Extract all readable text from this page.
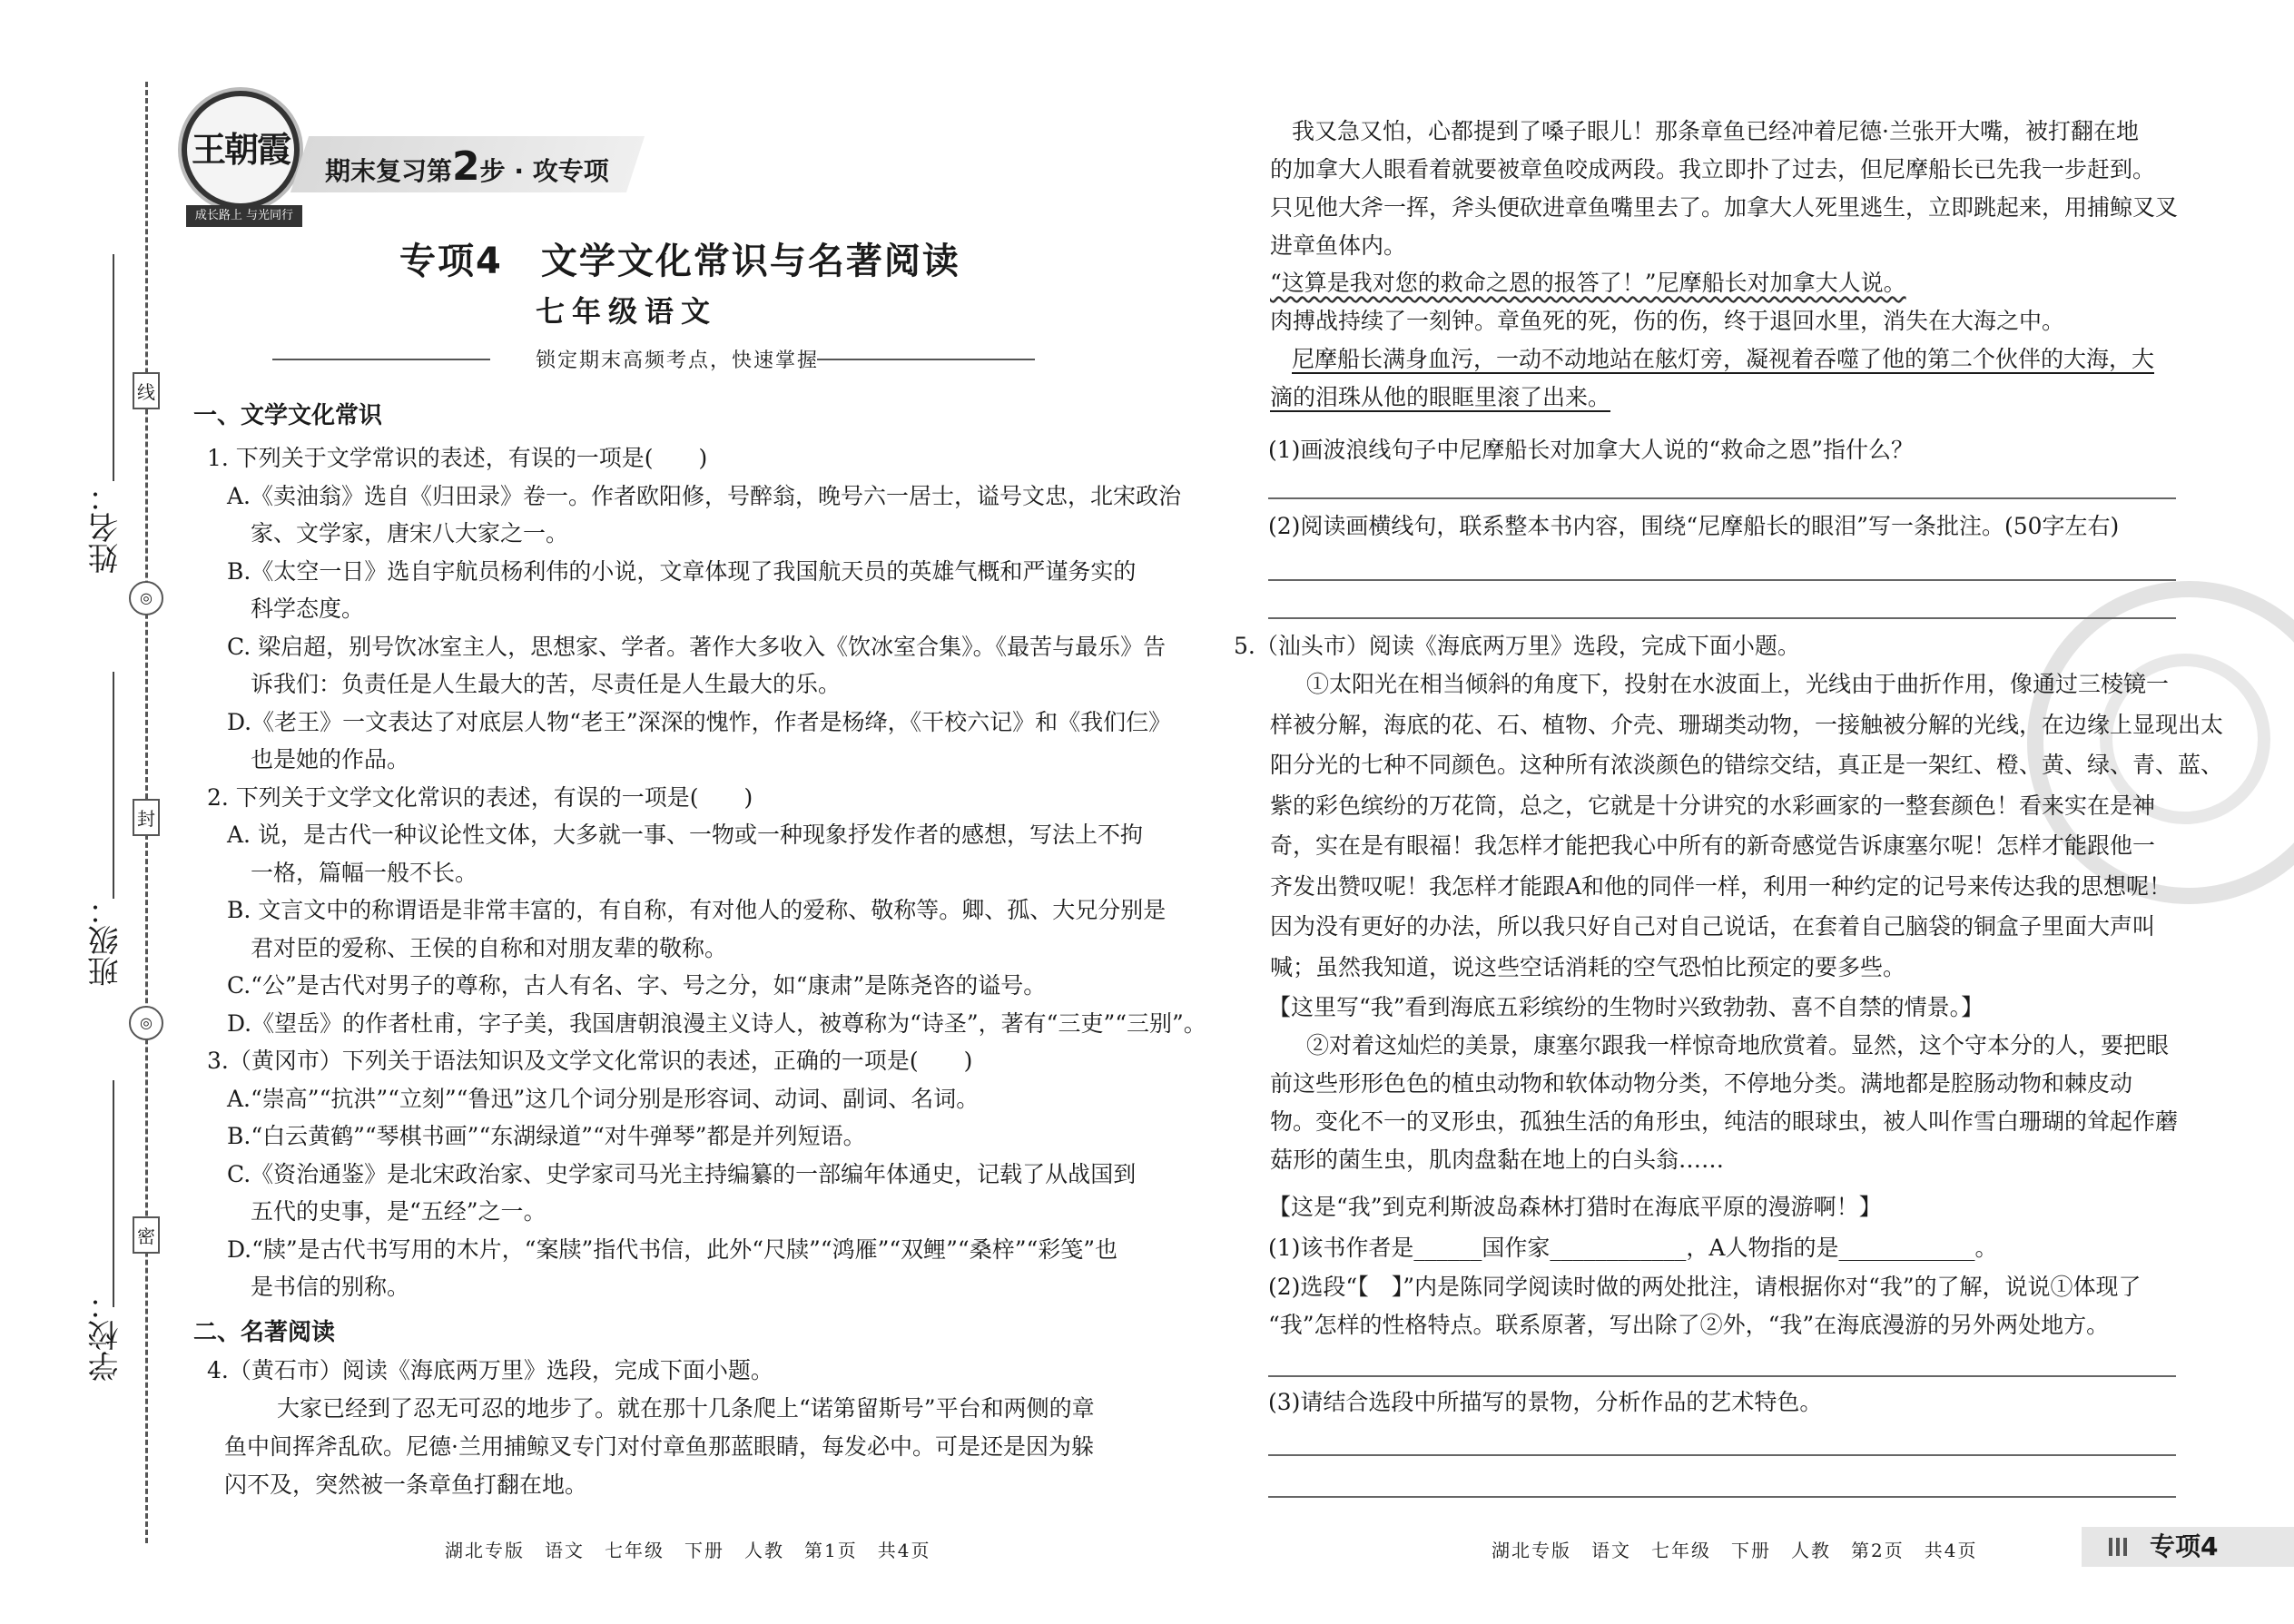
线
封
密
◎
◎
姓名：
班级：
学校：
王朝霞
成长路上 与光同行
期末复习第2步 · 攻专项
专项4　文学文化常识与名著阅读
七年级语文
锁定期末高频考点，快速掌握
一、文学文化常识
1. 下列关于文学常识的表述，有误的一项是(　　)
A.《卖油翁》选自《归田录》卷一。作者欧阳修，号醉翁，晚号六一居士，谥号文忠，北宋政治
家、文学家，唐宋八大家之一。
B.《太空一日》选自宇航员杨利伟的小说，文章体现了我国航天员的英雄气概和严谨务实的
科学态度。
C. 梁启超，别号饮冰室主人，思想家、学者。著作大多收入《饮冰室合集》。《最苦与最乐》告
诉我们：负责任是人生最大的苦，尽责任是人生最大的乐。
D.《老王》一文表达了对底层人物“老王”深深的愧怍，作者是杨绛，《干校六记》和《我们仨》
也是她的作品。
2. 下列关于文学文化常识的表述，有误的一项是(　　)
A. 说，是古代一种议论性文体，大多就一事、一物或一种现象抒发作者的感想，写法上不拘
一格，篇幅一般不长。
B. 文言文中的称谓语是非常丰富的，有自称，有对他人的爱称、敬称等。卿、孤、大兄分别是
君对臣的爱称、王侯的自称和对朋友辈的敬称。
C.“公”是古代对男子的尊称，古人有名、字、号之分，如“康肃”是陈尧咨的谥号。
D.《望岳》的作者杜甫，字子美，我国唐朝浪漫主义诗人，被尊称为“诗圣”，著有“三吏”“三别”。
3.（黄冈市）下列关于语法知识及文学文化常识的表述，正确的一项是(　　)
A.“崇高”“抗洪”“立刻”“鲁迅”这几个词分别是形容词、动词、副词、名词。
B.“白云黄鹤”“琴棋书画”“东湖绿道”“对牛弹琴”都是并列短语。
C.《资治通鉴》是北宋政治家、史学家司马光主持编纂的一部编年体通史，记载了从战国到
五代的史事，是“五经”之一。
D.“牍”是古代书写用的木片，“案牍”指代书信，此外“尺牍”“鸿雁”“双鲤”“桑梓”“彩笺”也
是书信的别称。
二、名著阅读
4.（黄石市）阅读《海底两万里》选段，完成下面小题。
大家已经到了忍无可忍的地步了。就在那十几条爬上“诺第留斯号”平台和两侧的章
鱼中间挥斧乱砍。尼德·兰用捕鲸叉专门对付章鱼那蓝眼睛，每发必中。可是还是因为躲
闪不及，突然被一条章鱼打翻在地。
湖北专版　语文　七年级　下册　人教　第1页　共4页
我又急又怕，心都提到了嗓子眼儿！那条章鱼已经冲着尼德·兰张开大嘴，被打翻在地
的加拿大人眼看着就要被章鱼咬成两段。我立即扑了过去，但尼摩船长已先我一步赶到。
只见他大斧一挥，斧头便砍进章鱼嘴里去了。加拿大人死里逃生，立即跳起来，用捕鲸叉叉
进章鱼体内。
“这算是我对您的救命之恩的报答了！”尼摩船长对加拿大人说。
肉搏战持续了一刻钟。章鱼死的死，伤的伤，终于退回水里，消失在大海之中。
尼摩船长满身血污，一动不动地站在舷灯旁，凝视着吞噬了他的第二个伙伴的大海，大
滴的泪珠从他的眼眶里滚了出来。
(1)画波浪线句子中尼摩船长对加拿大人说的“救命之恩”指什么？
(2)阅读画横线句，联系整本书内容，围绕“尼摩船长的眼泪”写一条批注。(50字左右)
5.（汕头市）阅读《海底两万里》选段，完成下面小题。
①太阳光在相当倾斜的角度下，投射在水波面上，光线由于曲折作用，像通过三棱镜一
样被分解，海底的花、石、植物、介壳、珊瑚类动物，一接触被分解的光线，在边缘上显现出太
阳分光的七种不同颜色。这种所有浓淡颜色的错综交结，真正是一架红、橙、黄、绿、青、蓝、
紫的彩色缤纷的万花筒，总之，它就是十分讲究的水彩画家的一整套颜色！看来实在是神
奇，实在是有眼福！我怎样才能把我心中所有的新奇感觉告诉康塞尔呢！怎样才能跟他一
齐发出赞叹呢！我怎样才能跟A和他的同伴一样，利用一种约定的记号来传达我的思想呢！
因为没有更好的办法，所以我只好自己对自己说话，在套着自己脑袋的铜盒子里面大声叫
喊；虽然我知道，说这些空话消耗的空气恐怕比预定的要多些。
【这里写“我”看到海底五彩缤纷的生物时兴致勃勃、喜不自禁的情景。】
②对着这灿烂的美景，康塞尔跟我一样惊奇地欣赏着。显然，这个守本分的人，要把眼
前这些形形色色的植虫动物和软体动物分类，不停地分类。满地都是腔肠动物和棘皮动
物。变化不一的叉形虫，孤独生活的角形虫，纯洁的眼球虫，被人叫作雪白珊瑚的耸起作蘑
菇形的菌生虫，肌肉盘黏在地上的白头翁……
【这是“我”到克利斯波岛森林打猎时在海底平原的漫游啊！】
(1)该书作者是______国作家____________，A人物指的是____________。
(2)选段“【　】”内是陈同学阅读时做的两处批注，请根据你对“我”的了解，说说①体现了
“我”怎样的性格特点。联系原著，写出除了②外，“我”在海底漫游的另外两处地方。
(3)请结合选段中所描写的景物，分析作品的艺术特色。
湖北专版　语文　七年级　下册　人教　第2页　共4页	专项4
